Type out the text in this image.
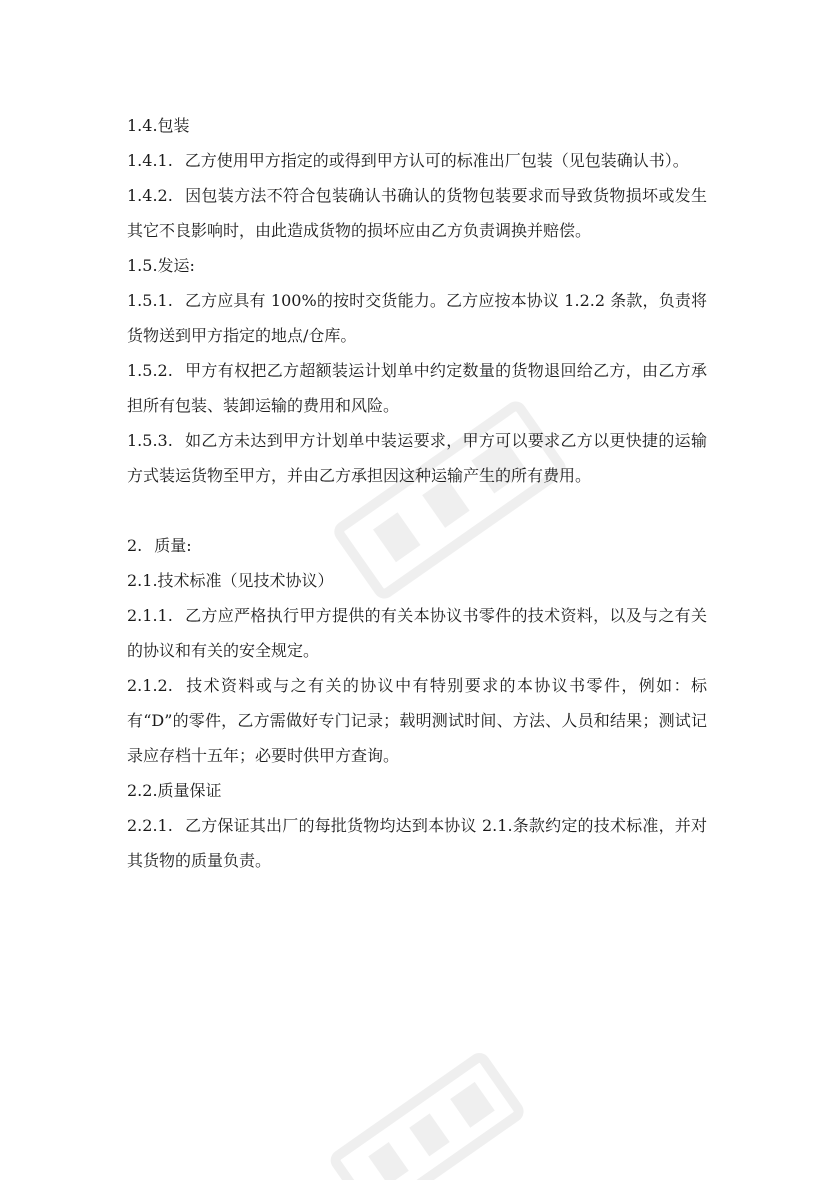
1.4.包装

1.4.1. 乙方使用甲方指定的或得到甲方认可的标准出厂包装（见包装确认书）。

1.4.2. 因包装方法不符合包装确认书确认的货物包装要求而导致货物损坏或发生其它不良影响时，由此造成货物的损坏应由乙方负责调换并赔偿。

1.5.发运:

1.5.1. 乙方应具有 100%的按时交货能力。乙方应按本协议 1.2.2 条款，负责将货物送到甲方指定的地点/仓库。

1.5.2. 甲方有权把乙方超额装运计划单中约定数量的货物退回给乙方，由乙方承担所有包装、装卸运输的费用和风险。

1.5.3. 如乙方未达到甲方计划单中装运要求，甲方可以要求乙方以更快捷的运输方式装运货物至甲方，并由乙方承担因这种运输产生的所有费用。

2. 质量:

2.1.技术标准（见技术协议）

2.1.1. 乙方应严格执行甲方提供的有关本协议书零件的技术资料，以及与之有关的协议和有关的安全规定。

2.1.2. 技术资料或与之有关的协议中有特别要求的本协议书零件，例如：标有“D”的零件，乙方需做好专门记录；载明测试时间、方法、人员和结果；测试记录应存档十五年；必要时供甲方查询。

2.2.质量保证

2.2.1. 乙方保证其出厂的每批货物均达到本协议 2.1.条款约定的技术标准，并对其货物的质量负责。
